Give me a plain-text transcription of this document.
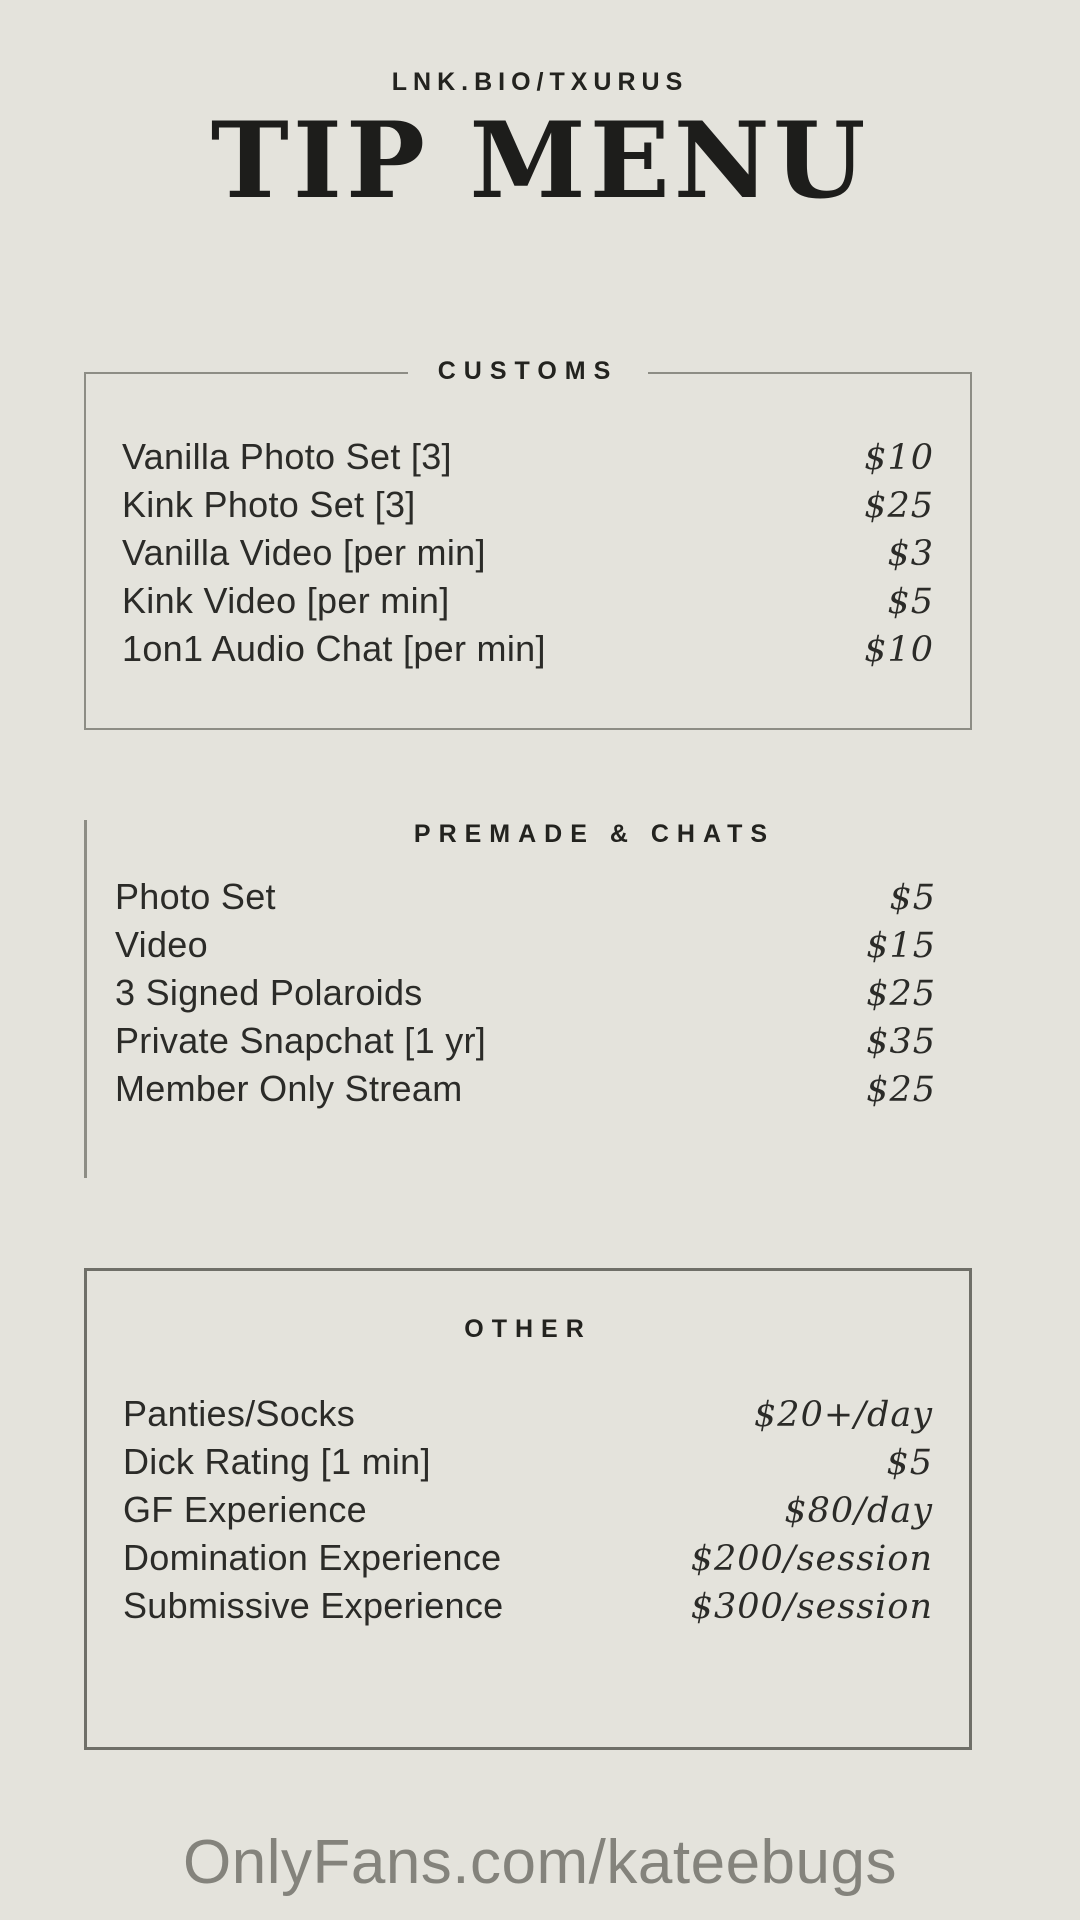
LNK.BIO/TXURUS
TIP MENU
CUSTOMS
Vanilla Photo Set [3]	$10
Kink Photo Set [3]	$25
Vanilla Video [per min]	$3
Kink Video [per min]	$5
1on1 Audio Chat [per min]	$10
PREMADE & CHATS
Photo Set	$5
Video	$15
3 Signed Polaroids	$25
Private Snapchat [1 yr]	$35
Member Only Stream	$25
OTHER
Panties/Socks	$20+/day
Dick Rating [1 min]	$5
GF Experience	$80/day
Domination Experience	$200/session
Submissive Experience	$300/session
OnlyFans.com/kateebugs
